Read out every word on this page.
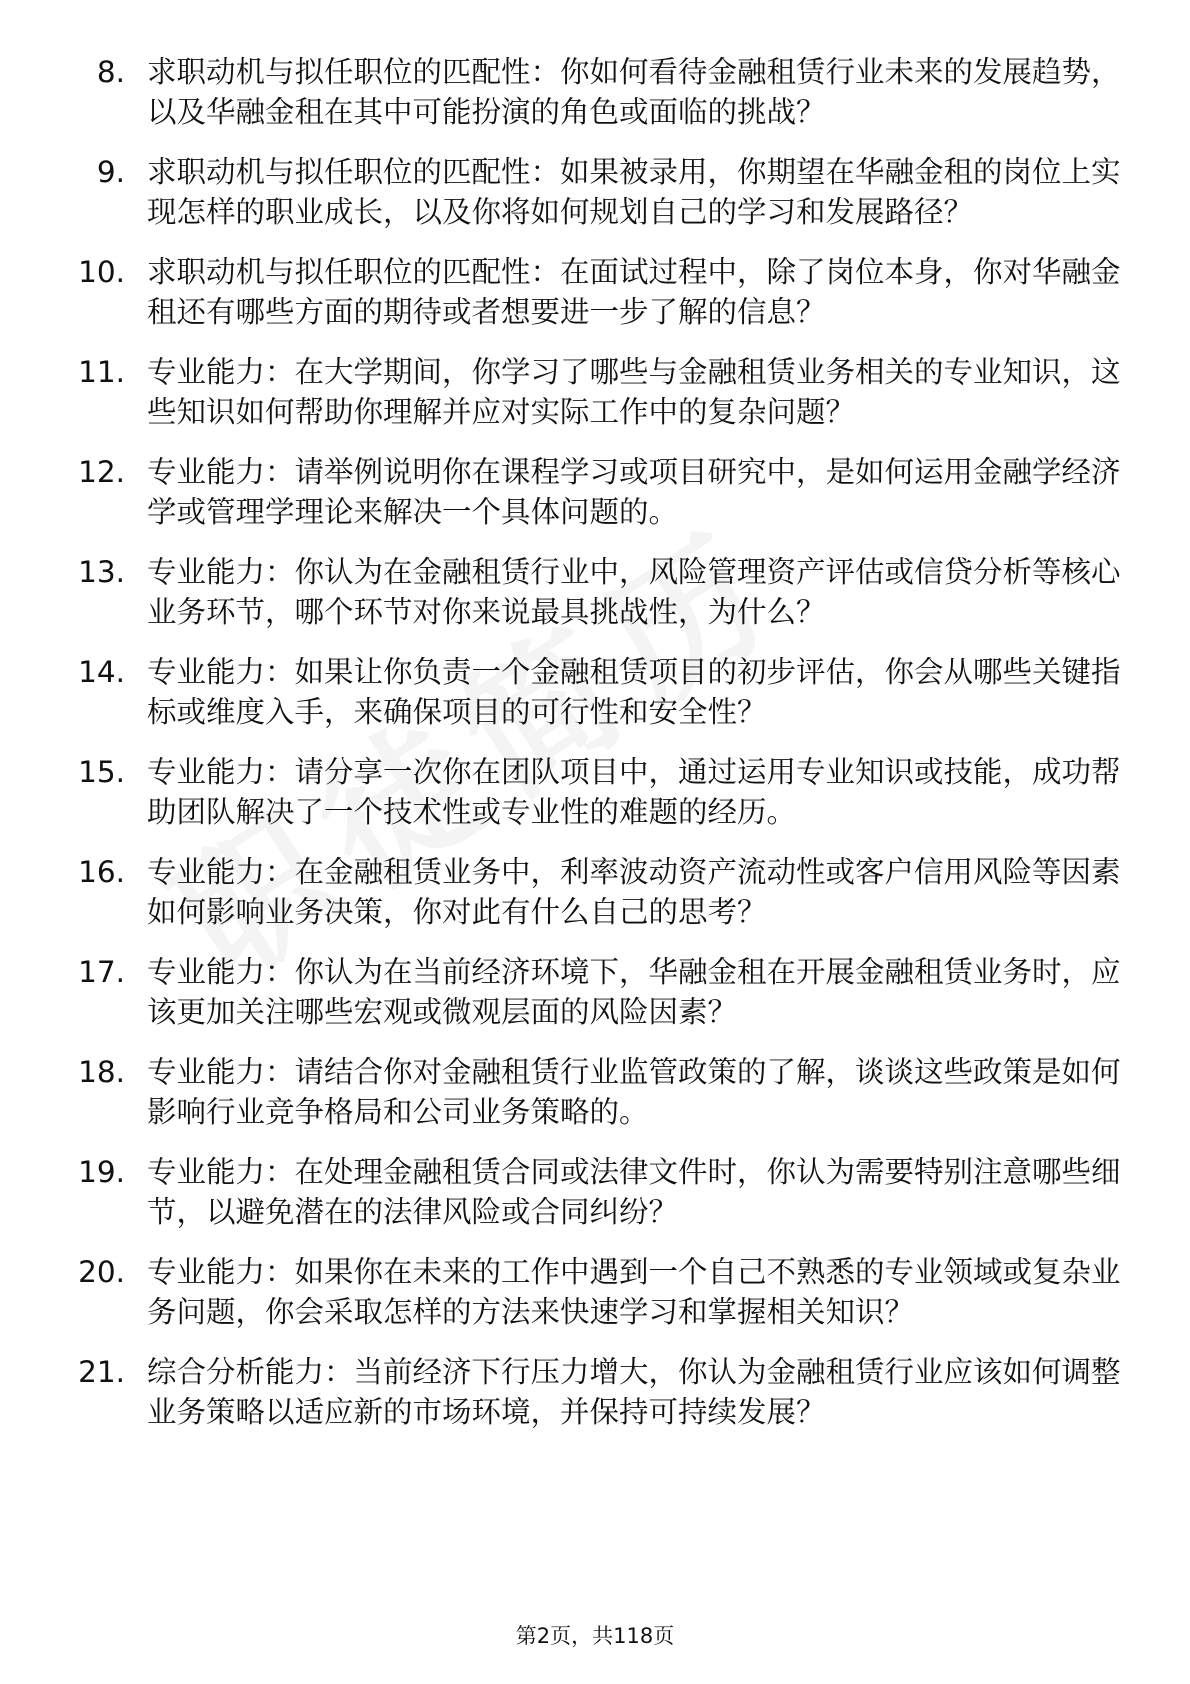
8. 求职动机与拟任职位的匹配性：你如何看待金融租赁行业未来的发展趋势，以及华融金租在其中可能扮演的角色或面临的挑战？
9. 求职动机与拟任职位的匹配性：如果被录用，你期望在华融金租的岗位上实现怎样的职业成长，以及你将如何规划自己的学习和发展路径？
10. 求职动机与拟任职位的匹配性：在面试过程中，除了岗位本身，你对华融金租还有哪些方面的期待或者想要进一步了解的信息？
11. 专业能力：在大学期间，你学习了哪些与金融租赁业务相关的专业知识，这些知识如何帮助你理解并应对实际工作中的复杂问题？
12. 专业能力：请举例说明你在课程学习或项目研究中，是如何运用金融学经济学或管理学理论来解决一个具体问题的。
13. 专业能力：你认为在金融租赁行业中，风险管理资产评估或信贷分析等核心业务环节，哪个环节对你来说最具挑战性，为什么？
14. 专业能力：如果让你负责一个金融租赁项目的初步评估，你会从哪些关键指标或维度入手，来确保项目的可行性和安全性？
15. 专业能力：请分享一次你在团队项目中，通过运用专业知识或技能，成功帮助团队解决了一个技术性或专业性的难题的经历。
16. 专业能力：在金融租赁业务中，利率波动资产流动性或客户信用风险等因素如何影响业务决策，你对此有什么自己的思考？
17. 专业能力：你认为在当前经济环境下，华融金租在开展金融租赁业务时，应该更加关注哪些宏观或微观层面的风险因素？
18. 专业能力：请结合你对金融租赁行业监管政策的了解，谈谈这些政策是如何影响行业竞争格局和公司业务策略的。
19. 专业能力：在处理金融租赁合同或法律文件时，你认为需要特别注意哪些细节，以避免潜在的法律风险或合同纠纷？
20. 专业能力：如果你在未来的工作中遇到一个自己不熟悉的专业领域或复杂业务问题，你会采取怎样的方法来快速学习和掌握相关知识？
21. 综合分析能力：当前经济下行压力增大，你认为金融租赁行业应该如何调整业务策略以适应新的市场环境，并保持可持续发展？
第2页，共118页
